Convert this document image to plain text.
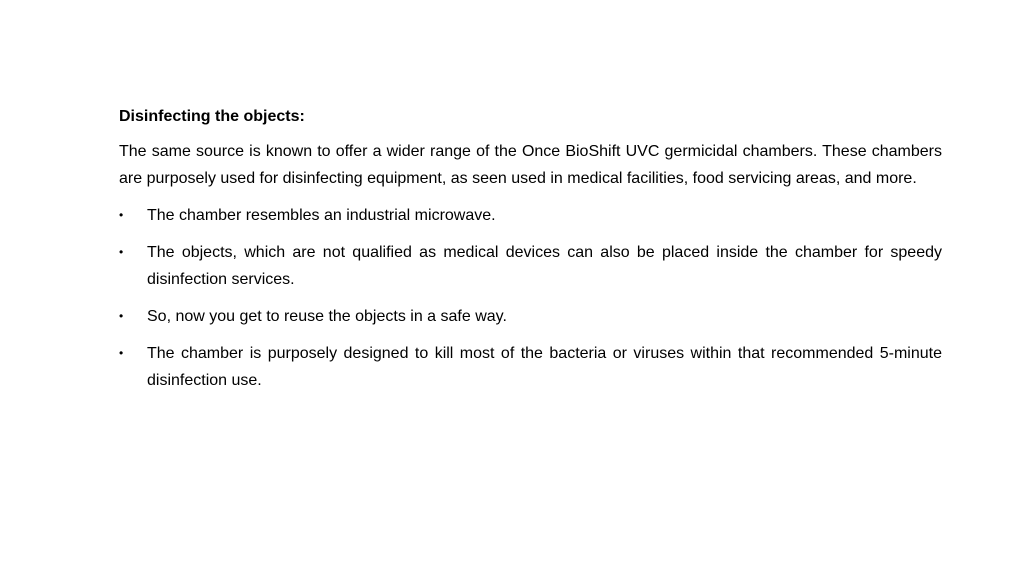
Disinfecting the objects:

The same source is known to offer a wider range of the Once BioShift UVC germicidal chambers. These chambers are purposely used for disinfecting equipment, as seen used in medical facilities, food servicing areas, and more.

• The chamber resembles an industrial microwave.
• The objects, which are not qualified as medical devices can also be placed inside the chamber for speedy disinfection services.
• So, now you get to reuse the objects in a safe way.
• The chamber is purposely designed to kill most of the bacteria or viruses within that recommended 5-minute disinfection use.
